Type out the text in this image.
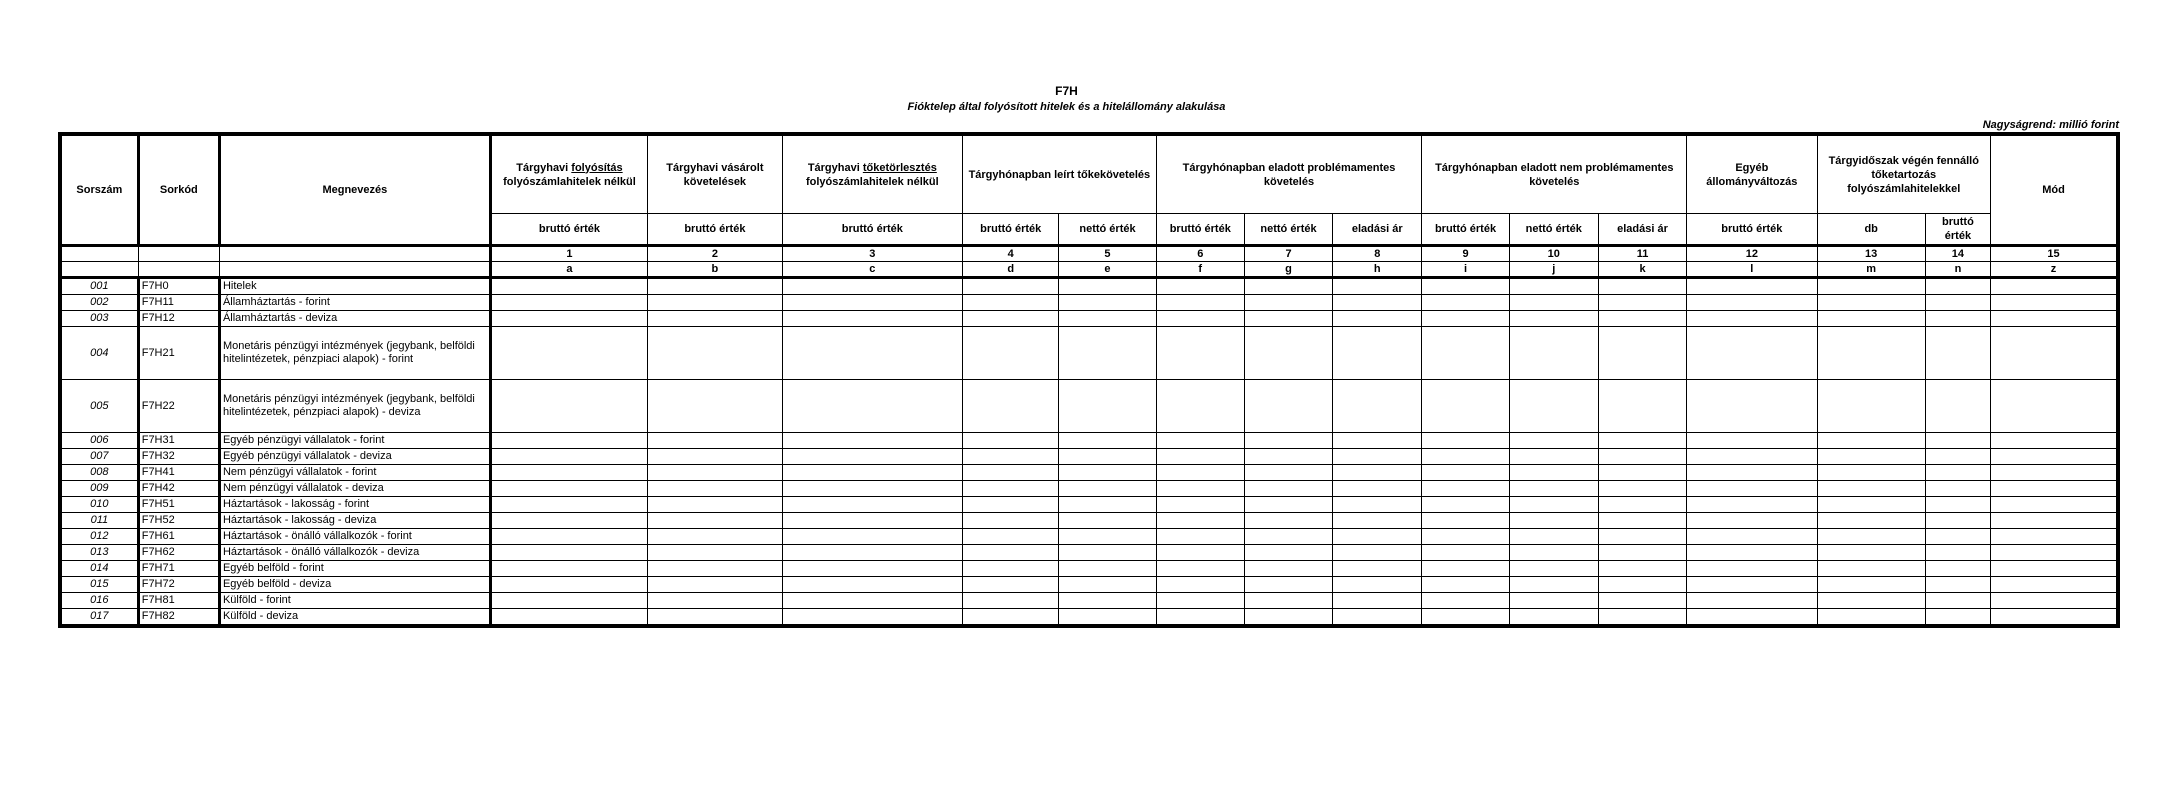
F7H
Fióktelep által folyósított hitelek és a hitelállomány alakulása
Nagyságrend: millió forint
Sorszám	Sorkód	Megnevezés	Tárgyhavi folyósítás folyószámlahitelek nélkül	Tárgyhavi vásárolt követelések	Tárgyhavi tőketörlesztés folyószámlahitelek nélkül	Tárgyhónapban leírt tőkekövetelés		Tárgyhónapban eladott problémamentes követelés			Tárgyhónapban eladott nem problémamentes követelés			Egyéb állományváltozás	Tárgyidőszak végén fennálló tőketartozás folyószámlahitelekkel		Mód
			bruttó érték	bruttó érték	bruttó érték	bruttó érték	nettó érték	bruttó érték	nettó érték	eladási ár	bruttó érték	nettó érték	eladási ár	bruttó érték	db	bruttó érték	
			1	2	3	4	5	6	7	8	9	10	11	12	13	14	15
			a	b	c	d	e	f	g	h	i	j	k	l	m	n	z
001	F7H0	Hitelek															
002	F7H11	Államháztartás - forint															
003	F7H12	Államháztartás - deviza															
004	F7H21	Monetáris pénzügyi intézmények (jegybank, belföldi hitelintézetek, pénzpiaci alapok) - forint															
005	F7H22	Monetáris pénzügyi intézmények (jegybank, belföldi hitelintézetek, pénzpiaci alapok) - deviza															
006	F7H31	Egyéb pénzügyi vállalatok - forint															
007	F7H32	Egyéb pénzügyi vállalatok - deviza															
008	F7H41	Nem pénzügyi vállalatok - forint															
009	F7H42	Nem pénzügyi vállalatok - deviza															
010	F7H51	Háztartások - lakosság - forint															
011	F7H52	Háztartások - lakosság - deviza															
012	F7H61	Háztartások - önálló vállalkozók - forint															
013	F7H62	Háztartások - önálló vállalkozók - deviza															
014	F7H71	Egyéb belföld - forint															
015	F7H72	Egyéb belföld - deviza															
016	F7H81	Külföld - forint															
017	F7H82	Külföld - deviza															
